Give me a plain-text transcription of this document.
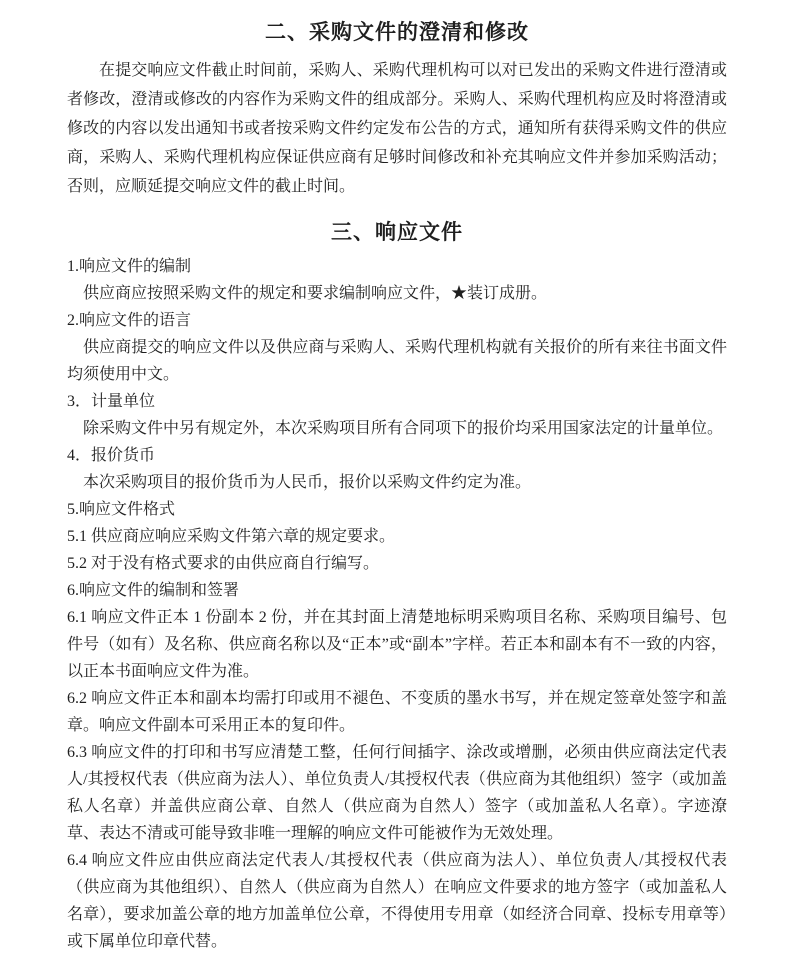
二、采购文件的澄清和修改

在提交响应文件截止时间前，采购人、采购代理机构可以对已发出的采购文件进行澄清或者修改，澄清或修改的内容作为采购文件的组成部分。采购人、采购代理机构应及时将澄清或修改的内容以发出通知书或者按采购文件约定发布公告的方式，通知所有获得采购文件的供应商，采购人、采购代理机构应保证供应商有足够时间修改和补充其响应文件并参加采购活动；否则，应顺延提交响应文件的截止时间。

三、响应文件

1.响应文件的编制

供应商应按照采购文件的规定和要求编制响应文件，★装订成册。

2.响应文件的语言

供应商提交的响应文件以及供应商与采购人、采购代理机构就有关报价的所有来往书面文件均须使用中文。

3．计量单位

除采购文件中另有规定外，本次采购项目所有合同项下的报价均采用国家法定的计量单位。

4．报价货币

本次采购项目的报价货币为人民币，报价以采购文件约定为准。

5.响应文件格式

5.1 供应商应响应采购文件第六章的规定要求。

5.2 对于没有格式要求的由供应商自行编写。

6.响应文件的编制和签署

6.1 响应文件正本 1 份副本 2 份，并在其封面上清楚地标明采购项目名称、采购项目编号、包件号（如有）及名称、供应商名称以及“正本”或“副本”字样。若正本和副本有不一致的内容，以正本书面响应文件为准。

6.2 响应文件正本和副本均需打印或用不褪色、不变质的墨水书写，并在规定签章处签字和盖章。响应文件副本可采用正本的复印件。

6.3 响应文件的打印和书写应清楚工整，任何行间插字、涂改或增删，必须由供应商法定代表人/其授权代表（供应商为法人）、单位负责人/其授权代表（供应商为其他组织）签字（或加盖私人名章）并盖供应商公章、自然人（供应商为自然人）签字（或加盖私人名章）。字迹潦草、表达不清或可能导致非唯一理解的响应文件可能被作为无效处理。

6.4 响应文件应由供应商法定代表人/其授权代表（供应商为法人）、单位负责人/其授权代表（供应商为其他组织）、自然人（供应商为自然人）在响应文件要求的地方签字（或加盖私人名章），要求加盖公章的地方加盖单位公章，不得使用专用章（如经济合同章、投标专用章等）或下属单位印章代替。
